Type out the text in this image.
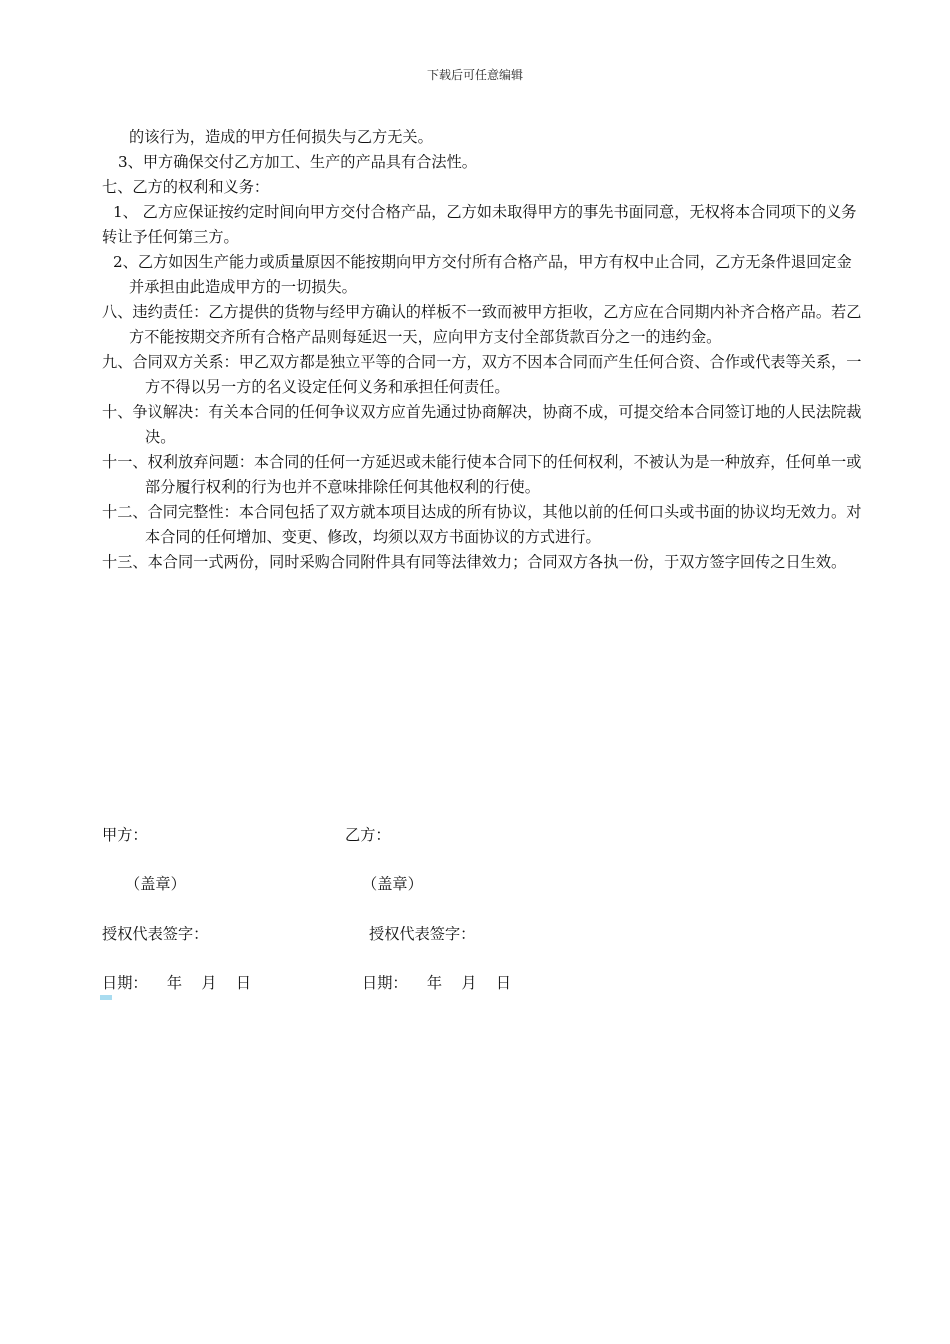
下载后可任意编辑

的该行为，造成的甲方任何损失与乙方无关。

3、甲方确保交付乙方加工、生产的产品具有合法性。

七、乙方的权利和义务：

1、 乙方应保证按约定时间向甲方交付合格产品，乙方如未取得甲方的事先书面同意，无权将本合同项下的义务转让予任何第三方。

2、乙方如因生产能力或质量原因不能按期向甲方交付所有合格产品，甲方有权中止合同，乙方无条件退回定金并承担由此造成甲方的一切损失。

八、违约责任：乙方提供的货物与经甲方确认的样板不一致而被甲方拒收，乙方应在合同期内补齐合格产品。若乙方不能按期交齐所有合格产品则每延迟一天，应向甲方支付全部货款百分之一的违约金。

九、合同双方关系：甲乙双方都是独立平等的合同一方，双方不因本合同而产生任何合资、合作或代表等关系，一方不得以另一方的名义设定任何义务和承担任何责任。

十、争议解决：有关本合同的任何争议双方应首先通过协商解决，协商不成，可提交给本合同签订地的人民法院裁决。

十一、权利放弃问题：本合同的任何一方延迟或未能行使本合同下的任何权利，不被认为是一种放弃，任何单一或部分履行权利的行为也并不意味排除任何其他权利的行使。

十二、合同完整性：本合同包括了双方就本项目达成的所有协议，其他以前的任何口头或书面的协议均无效力。对本合同的任何增加、变更、修改，均须以双方书面协议的方式进行。

十三、本合同一式两份，同时采购合同附件具有同等法律效力；合同双方各执一份，于双方签字回传之日生效。

甲方：	乙方：
（盖章）	（盖章）
授权代表签字：	授权代表签字：
日期：    年    月    日	日期：    年    月    日
